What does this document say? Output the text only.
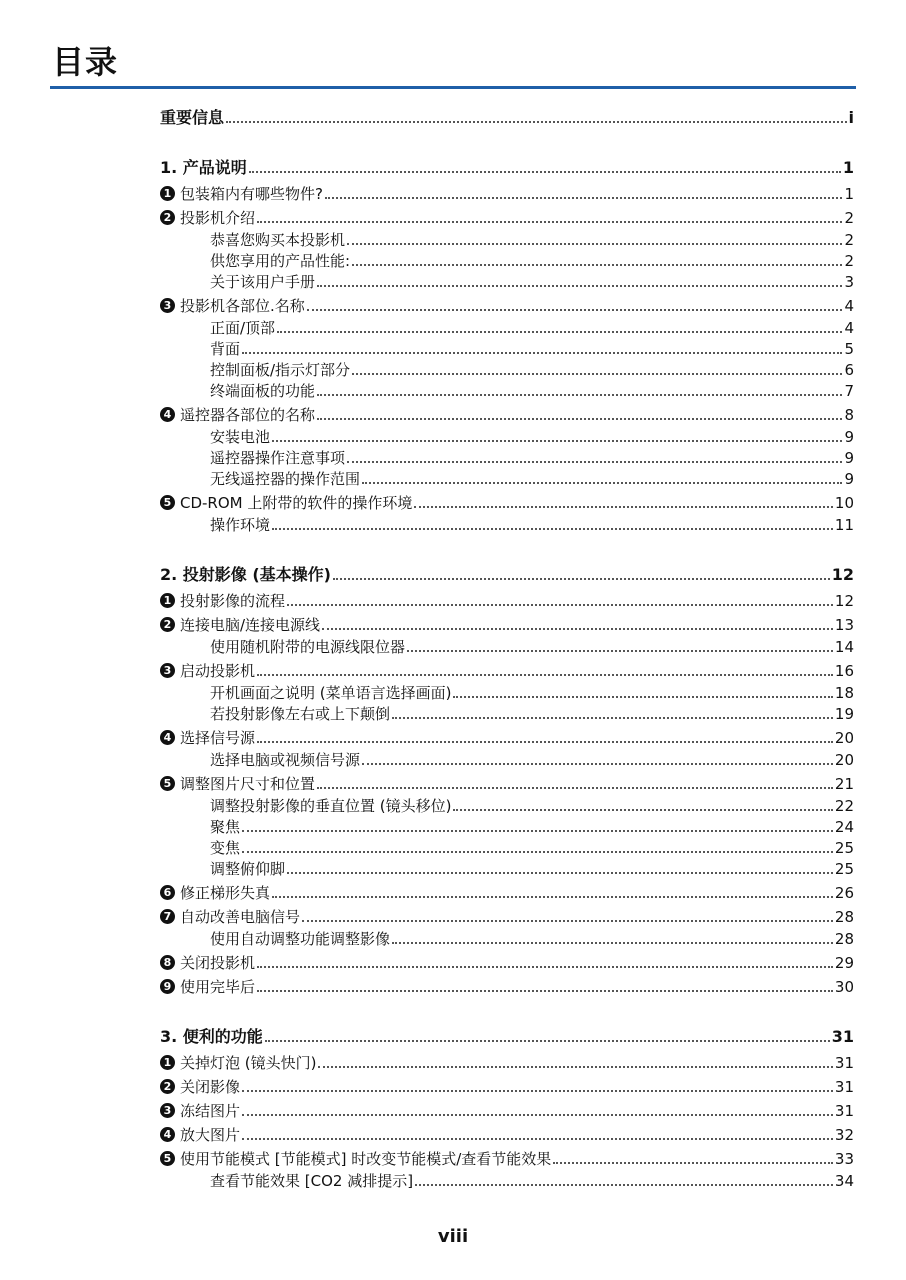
目录
重要信息	i
1. 产品说明	1
1 包装箱内有哪些物件?	1
2 投影机介绍	2
恭喜您购买本投影机	2
供您享用的产品性能:	2
关于该用户手册	3
3 投影机各部位.名称	4
正面/顶部	4
背面	5
控制面板/指示灯部分	6
终端面板的功能	7
4 遥控器各部位的名称	8
安装电池	9
遥控器操作注意事项	9
无线遥控器的操作范围	9
5 CD-ROM 上附带的软件的操作环境	10
操作环境	11
2. 投射影像 (基本操作)	12
1 投射影像的流程	12
2 连接电脑/连接电源线	13
使用随机附带的电源线限位器	14
3 启动投影机	16
开机画面之说明 (菜单语言选择画面)	18
若投射影像左右或上下颠倒	19
4 选择信号源	20
选择电脑或视频信号源	20
5 调整图片尺寸和位置	21
调整投射影像的垂直位置 (镜头移位)	22
聚焦	24
变焦	25
调整俯仰脚	25
6 修正梯形失真	26
7 自动改善电脑信号	28
使用自动调整功能调整影像	28
8 关闭投影机	29
9 使用完毕后	30
3. 便利的功能	31
1 关掉灯泡 (镜头快门)	31
2 关闭影像	31
3 冻结图片	31
4 放大图片	32
5 使用节能模式 [节能模式] 时改变节能模式/查看节能效果	33
查看节能效果 [CO2 减排提示]	34
viii
